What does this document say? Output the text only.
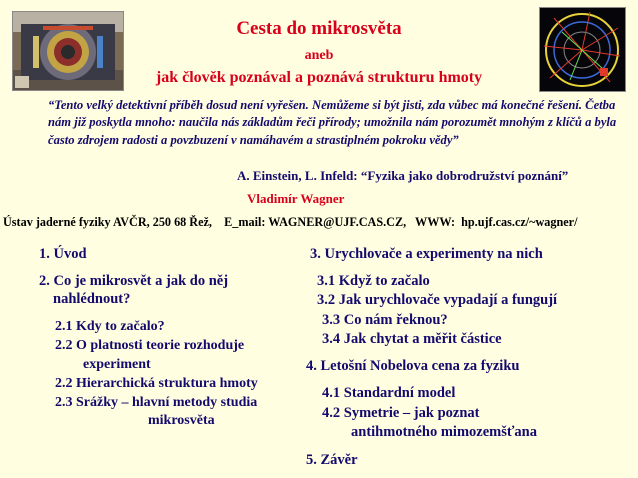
Cesta do mikrosvěta
aneb
jak člověk poznával a poznává strukturu hmoty
“Tento velký detektivní příběh dosud není vyřešen. Nemůžeme si být jisti, zda vůbec má konečné řešení. Četba nám již poskytla mnoho: naučila nás základům řeči přírody; umožnila nám porozumět mnohým z klíčů a byla často zdrojem radosti a povzbuzení v namáhavém a strastiplném pokroku vědy”
A. Einstein, L. Infeld: “Fyzika jako dobrodružství poznání”
Vladimír Wagner
Ústav jaderné fyziky AVČR, 250 68 Řež,    E_mail: WAGNER@UJF.CAS.CZ,   WWW:  hp.ujf.cas.cz/~wagner/
1. Úvod
2. Co je mikrosvět a jak do něj
nahlédnout?
2.1 Kdy to začalo?
2.2 O platnosti teorie rozhoduje
experiment
2.2 Hierarchická struktura hmoty
2.3 Srážky – hlavní metody studia
mikrosvěta
3. Urychlovače a experimenty na nich
3.1 Když to začalo
3.2 Jak urychlovače vypadají a fungují
3.3 Co nám řeknou?
3.4 Jak chytat a měřit částice
4. Letošní Nobelova cena za fyziku
4.1 Standardní model
4.2 Symetrie – jak poznat
antihmotného mimozemšťana
5. Závěr
